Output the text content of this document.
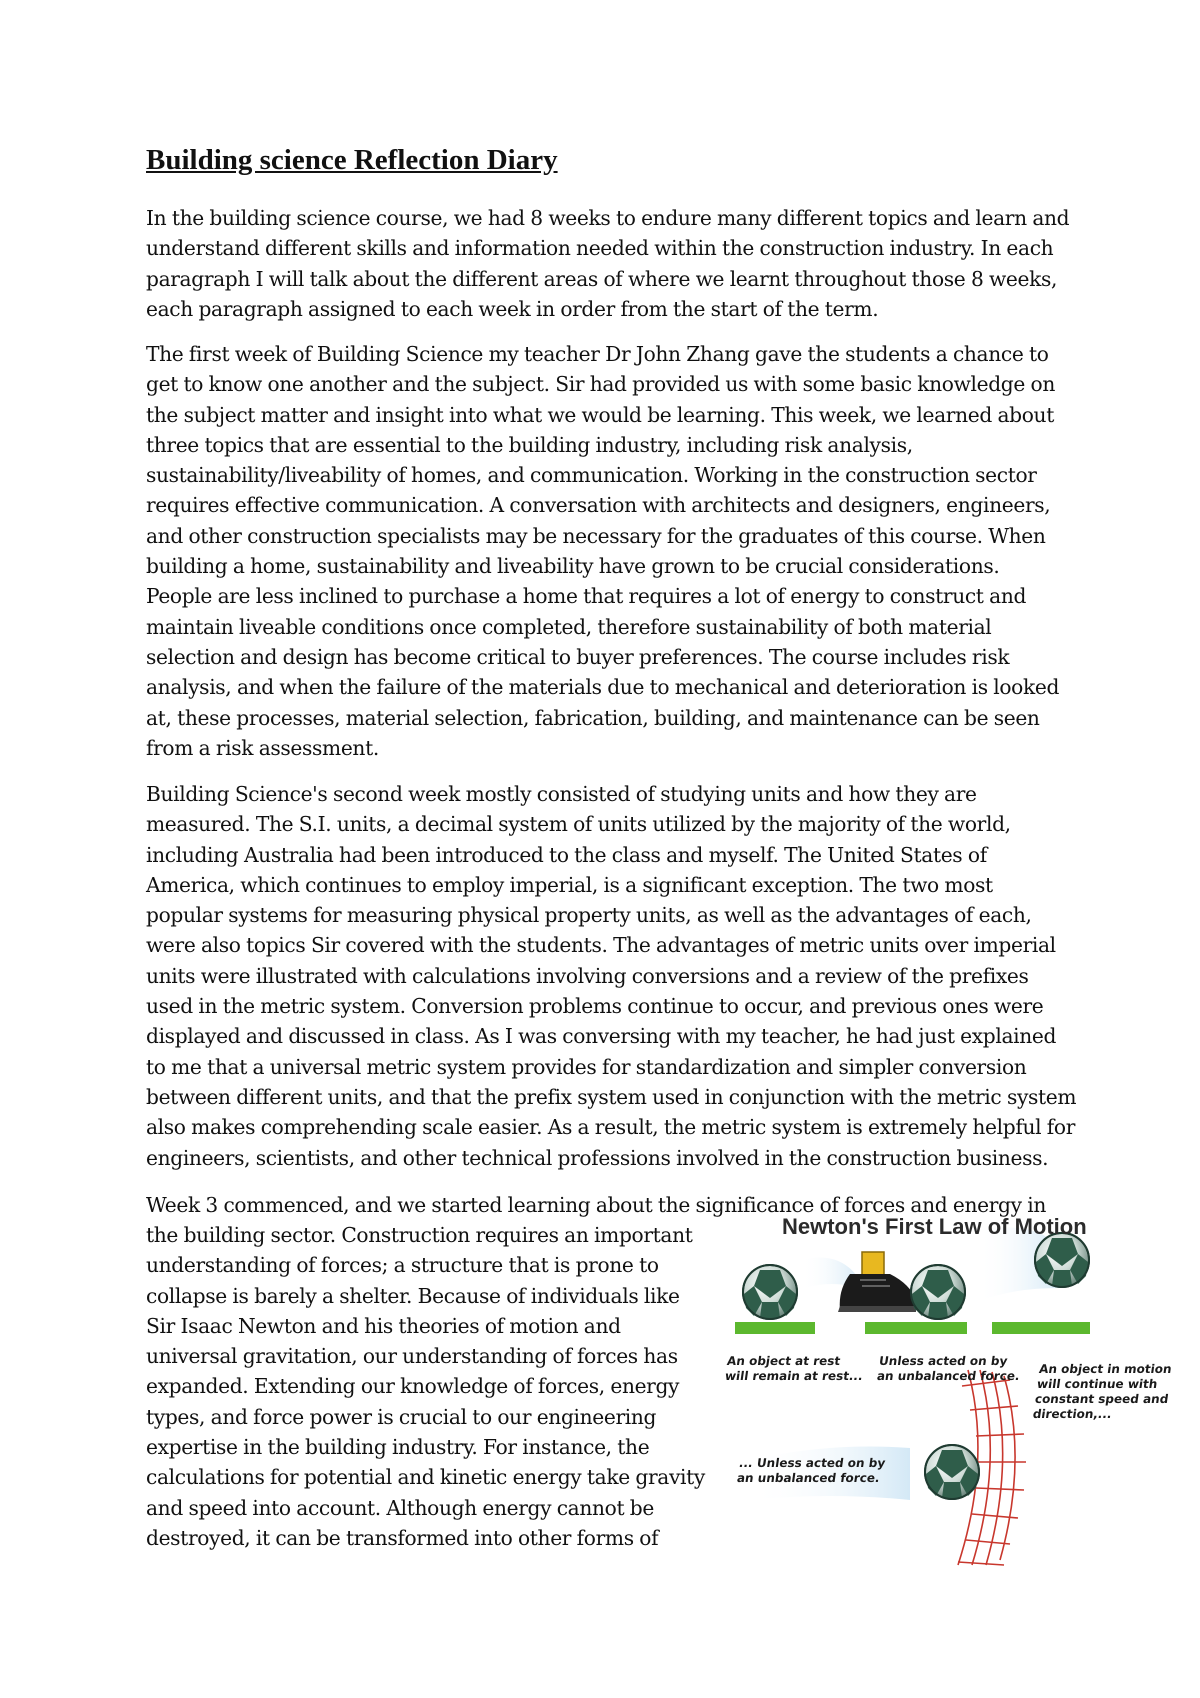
Building science Reflection Diary

In the building science course, we had 8 weeks to endure many different topics and learn and
understand different skills and information needed within the construction industry. In each
paragraph I will talk about the different areas of where we learnt throughout those 8 weeks,
each paragraph assigned to each week in order from the start of the term.

The first week of Building Science my teacher Dr John Zhang gave the students a chance to
get to know one another and the subject. Sir had provided us with some basic knowledge on
the subject matter and insight into what we would be learning. This week, we learned about
three topics that are essential to the building industry, including risk analysis,
sustainability/liveability of homes, and communication. Working in the construction sector
requires effective communication. A conversation with architects and designers, engineers,
and other construction specialists may be necessary for the graduates of this course. When
building a home, sustainability and liveability have grown to be crucial considerations.
People are less inclined to purchase a home that requires a lot of energy to construct and
maintain liveable conditions once completed, therefore sustainability of both material
selection and design has become critical to buyer preferences. The course includes risk
analysis, and when the failure of the materials due to mechanical and deterioration is looked
at, these processes, material selection, fabrication, building, and maintenance can be seen
from a risk assessment.

Building Science's second week mostly consisted of studying units and how they are
measured. The S.I. units, a decimal system of units utilized by the majority of the world,
including Australia had been introduced to the class and myself. The United States of
America, which continues to employ imperial, is a significant exception. The two most
popular systems for measuring physical property units, as well as the advantages of each,
were also topics Sir covered with the students. The advantages of metric units over imperial
units were illustrated with calculations involving conversions and a review of the prefixes
used in the metric system. Conversion problems continue to occur, and previous ones were
displayed and discussed in class. As I was conversing with my teacher, he had just explained
to me that a universal metric system provides for standardization and simpler conversion
between different units, and that the prefix system used in conjunction with the metric system
also makes comprehending scale easier. As a result, the metric system is extremely helpful for
engineers, scientists, and other technical professions involved in the construction business.

Week 3 commenced, and we started learning about the significance of forces and energy in

the building sector. Construction requires an important
understanding of forces; a structure that is prone to
collapse is barely a shelter. Because of individuals like
Sir Isaac Newton and his theories of motion and
universal gravitation, our understanding of forces has
expanded. Extending our knowledge of forces, energy
types, and force power is crucial to our engineering
expertise in the building industry. For instance, the
calculations for potential and kinetic energy take gravity
and speed into account. Although energy cannot be
destroyed, it can be transformed into other forms of

Newton's First Law of Motion
An object at rest
will remain at rest...
Unless acted on by
an unbalanced force. An object in motion
will continue with
constant speed and
direction,...
... Unless acted on by
an unbalanced force.
